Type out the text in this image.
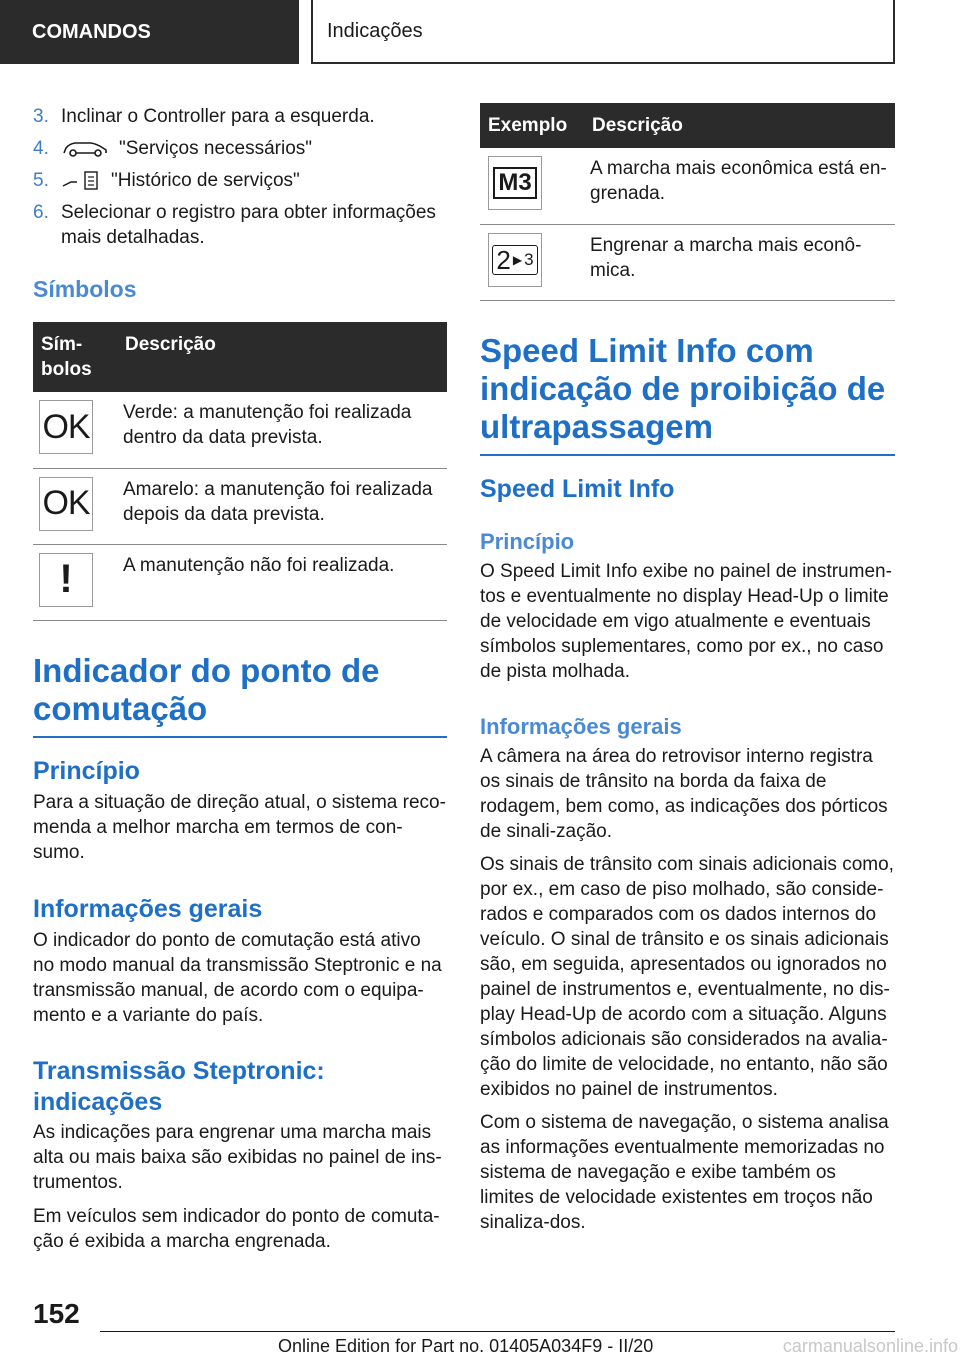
COMANDOS	Indicações
3. Inclinar o Controller para a esquerda.
4.	"Serviços necessários"
5.	"Histórico de serviços"
6. Selecionar o registro para obter informações mais detalhadas.
Símbolos
Sím-
bolos	Descrição

OK	Verde: a manutenção foi realizada dentro da data prevista.

OK	Amarelo: a manutenção foi realizada depois da data prevista.

!	A manutenção não foi realizada.
Indicador do ponto de comutação
Princípio

Para a situação de direção atual, o sistema reco-menda a melhor marcha em termos de con-sumo.

Informações gerais

O indicador do ponto de comutação está ativo no modo manual da transmissão Steptronic e na transmissão manual, de acordo com o equipa-mento e a variante do país.

Transmissão Steptronic: indicações

As indicações para engrenar uma marcha mais alta ou mais baixa são exibidas no painel de ins-trumentos.

Em veículos sem indicador do ponto de comuta-ção é exibida a marcha engrenada.

Exemplo	Descrição

M3	A marcha mais econômica está en-grenada.

2 ▶ 3	Engrenar a marcha mais econô-mica.
Speed Limit Info com indicação de proibição de ultrapassagem
Speed Limit Info
Princípio

O Speed Limit Info exibe no painel de instrumen-tos e eventualmente no display Head-Up o limite de velocidade em vigo atualmente e eventuais símbolos suplementares, como por ex., no caso de pista molhada.

Informações gerais

A câmera na área do retrovisor interno registra os sinais de trânsito na borda da faixa de rodagem, bem como, as indicações dos pórticos de sinali-zação.

Os sinais de trânsito com sinais adicionais como, por ex., em caso de piso molhado, são conside-rados e comparados com os dados internos do veículo. O sinal de trânsito e os sinais adicionais são, em seguida, apresentados ou ignorados no painel de instrumentos e, eventualmente, no dis-play Head-Up de acordo com a situação. Alguns símbolos adicionais são considerados na avalia-ção do limite de velocidade, no entanto, não são exibidos no painel de instrumentos.

Com o sistema de navegação, o sistema analisa as informações eventualmente memorizadas no sistema de navegação e exibe também os limites de velocidade existentes em troços não sinaliza-dos.

152
Online Edition for Part no. 01405A034F9 - II/20	carmanualsonline.info
